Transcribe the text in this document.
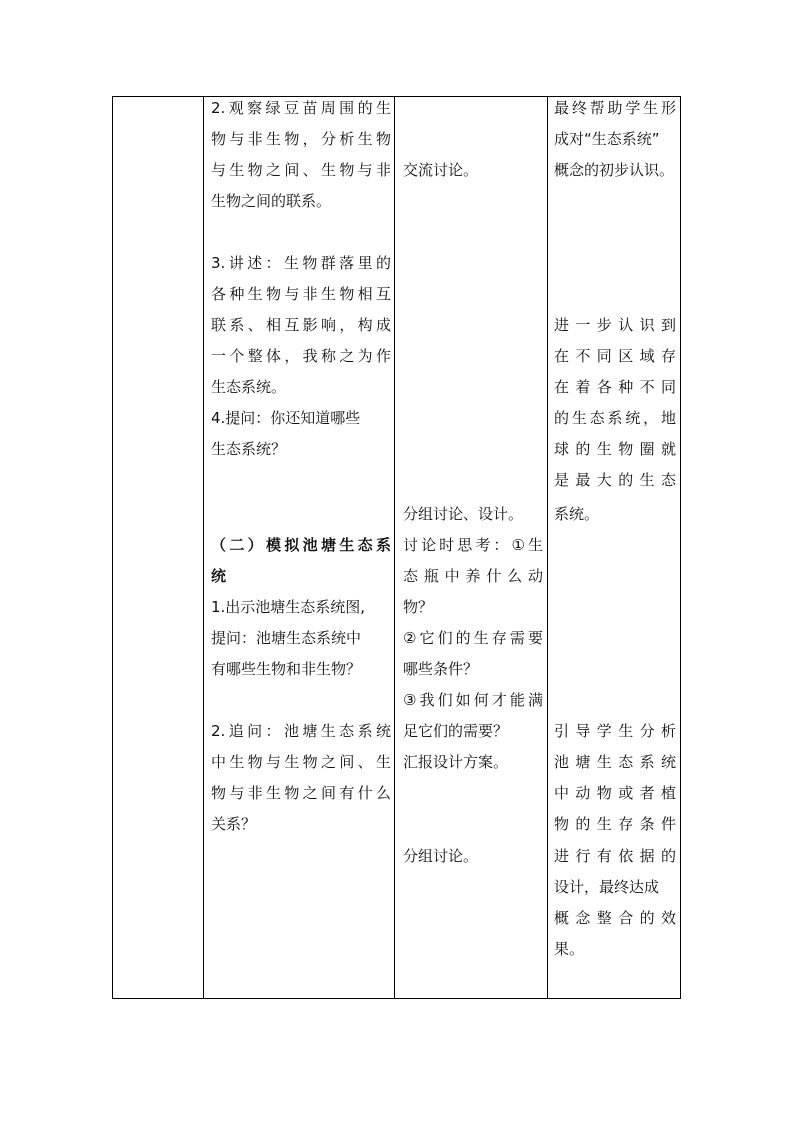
2.观察绿豆苗周围的生
物与非生物，分析生物
与生物之间、生物与非
生物之间的联系。
3.讲述：生物群落里的
各种生物与非生物相互
联系、相互影响，构成
一个整体，我称之为作
生态系统。
4.提问：你还知道哪些
生态系统？
（二）模拟池塘生态系
统
1.出示池塘生态系统图,
提问：池塘生态系统中
有哪些生物和非生物？
2.追问：池塘生态系统
中生物与生物之间、生
物与非生物之间有什么
关系？
交流讨论。
分组讨论、设计。
讨论时思考：①生
态瓶中养什么动
物？
②它们的生存需要
哪些条件？
③我们如何才能满
足它们的需要？
汇报设计方案。
分组讨论。
最终帮助学生形
成对“生态系统”
概念的初步认识。
进一步认识到
在不同区域存
在着各种不同
的生态系统，地
球的生物圈就
是最大的生态
系统。
引导学生分析
池塘生态系统
中动物或者植
物的生存条件
进行有依据的
设计，最终达成
概念整合的效
果。
